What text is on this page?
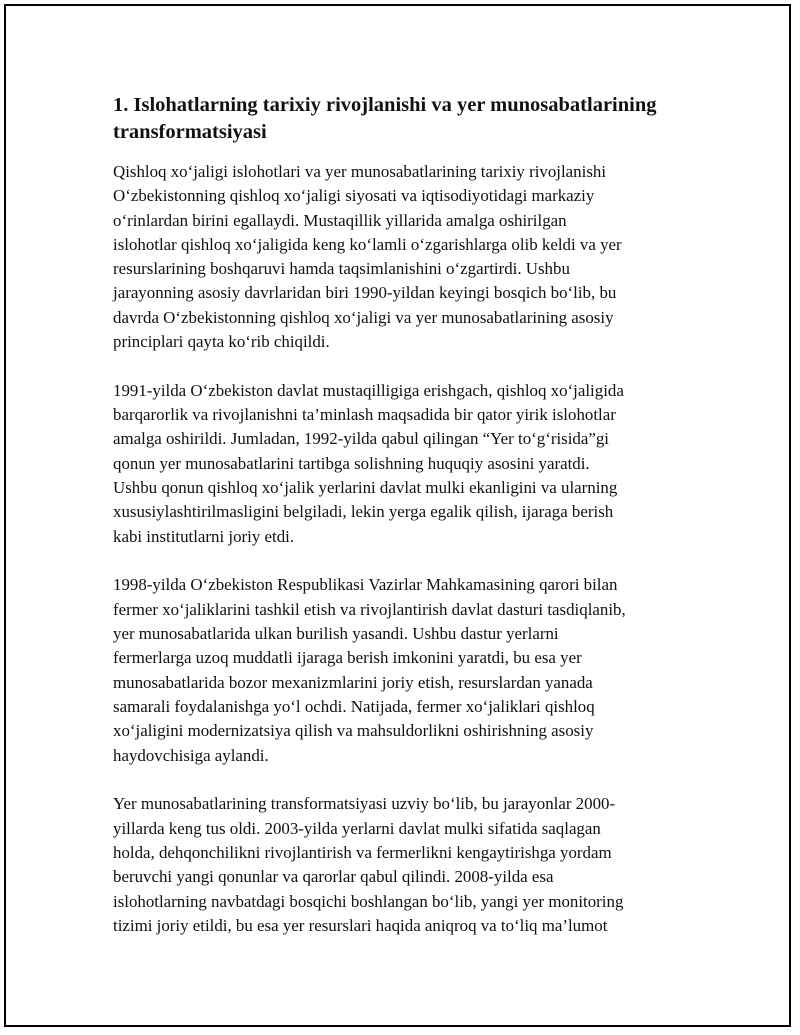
1. Islohatlarning tarixiy rivojlanishi va yer munosabatlarining
transformatsiyasi

Qishloq xo‘jaligi islohotlari va yer munosabatlarining tarixiy rivojlanishi
O‘zbekistonning qishloq xo‘jaligi siyosati va iqtisodiyotidagi markaziy
o‘rinlardan birini egallaydi. Mustaqillik yillarida amalga oshirilgan
islohotlar qishloq xo‘jaligida keng ko‘lamli o‘zgarishlarga olib keldi va yer
resurslarining boshqaruvi hamda taqsimlanishini o‘zgartirdi. Ushbu
jarayonning asosiy davrlaridan biri 1990-yildan keyingi bosqich bo‘lib, bu
davrda O‘zbekistonning qishloq xo‘jaligi va yer munosabatlarining asosiy
principlari qayta ko‘rib chiqildi.

1991-yilda O‘zbekiston davlat mustaqilligiga erishgach, qishloq xo‘jaligida
barqarorlik va rivojlanishni ta’minlash maqsadida bir qator yirik islohotlar
amalga oshirildi. Jumladan, 1992-yilda qabul qilingan “Yer to‘g‘risida”gi
qonun yer munosabatlarini tartibga solishning huquqiy asosini yaratdi.
Ushbu qonun qishloq xo‘jalik yerlarini davlat mulki ekanligini va ularning
xususiylashtirilmasligini belgiladi, lekin yerga egalik qilish, ijaraga berish
kabi institutlarni joriy etdi.

1998-yilda O‘zbekiston Respublikasi Vazirlar Mahkamasining qarori bilan
fermer xo‘jaliklarini tashkil etish va rivojlantirish davlat dasturi tasdiqlanib,
yer munosabatlarida ulkan burilish yasandi. Ushbu dastur yerlarni
fermerlarga uzoq muddatli ijaraga berish imkonini yaratdi, bu esa yer
munosabatlarida bozor mexanizmlarini joriy etish, resurslardan yanada
samarali foydalanishga yo‘l ochdi. Natijada, fermer xo‘jaliklari qishloq
xo‘jaligini modernizatsiya qilish va mahsuldorlikni oshirishning asosiy
haydovchisiga aylandi.

Yer munosabatlarining transformatsiyasi uzviy bo‘lib, bu jarayonlar 2000-
yillarda keng tus oldi. 2003-yilda yerlarni davlat mulki sifatida saqlagan
holda, dehqonchilikni rivojlantirish va fermerlikni kengaytirishga yordam
beruvchi yangi qonunlar va qarorlar qabul qilindi. 2008-yilda esa
islohotlarning navbatdagi bosqichi boshlangan bo‘lib, yangi yer monitoring
tizimi joriy etildi, bu esa yer resurslari haqida aniqroq va to‘liq ma’lumot
